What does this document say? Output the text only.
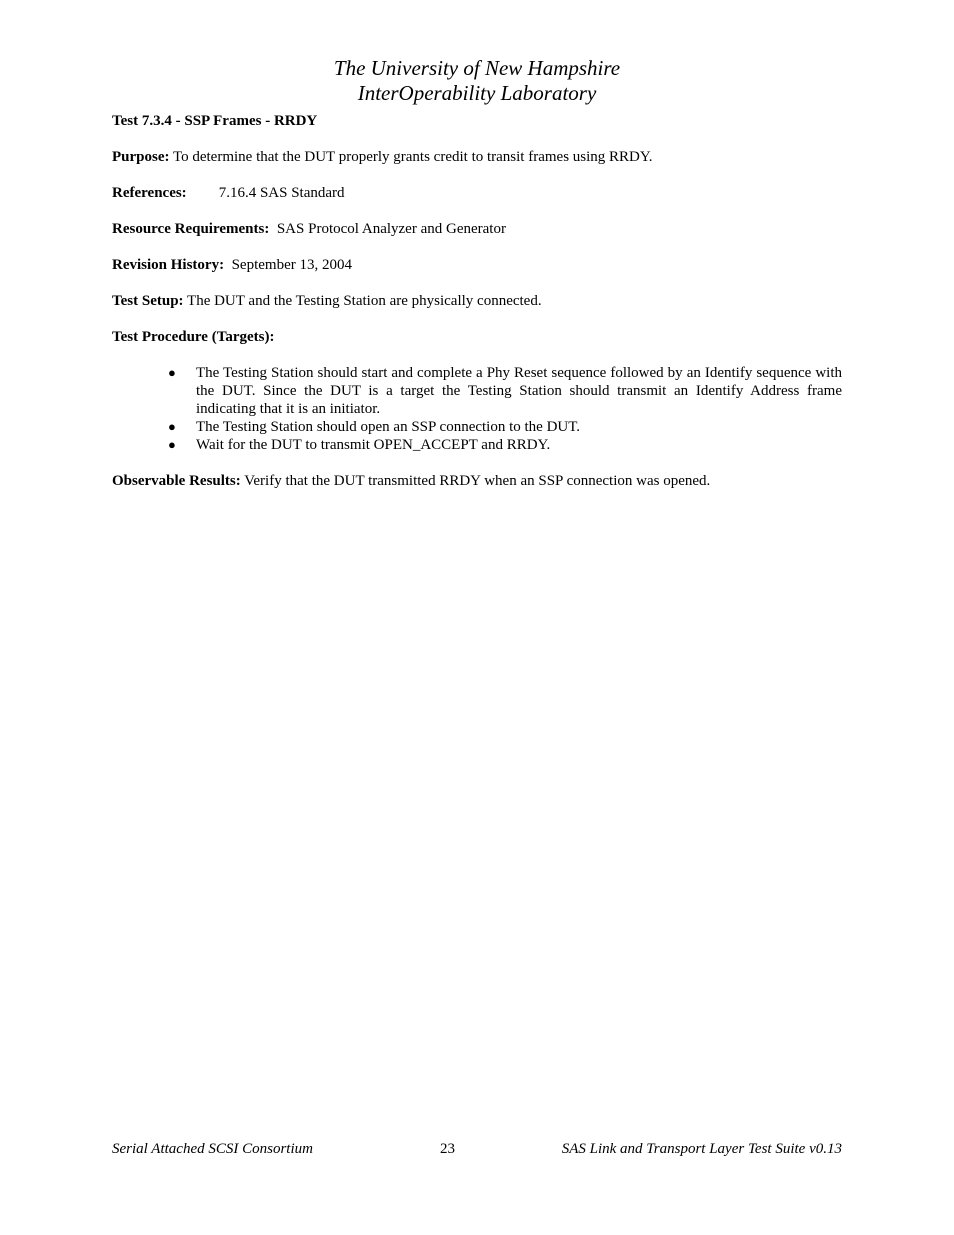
The University of New Hampshire
InterOperability Laboratory

Test 7.3.4 - SSP Frames - RRDY

Purpose: To determine that the DUT properly grants credit to transit frames using RRDY.

References: 7.16.4 SAS Standard

Resource Requirements: SAS Protocol Analyzer and Generator

Revision History: September 13, 2004

Test Setup: The DUT and the Testing Station are physically connected.

Test Procedure (Targets):

● The Testing Station should start and complete a Phy Reset sequence followed by an Identify sequence with the DUT. Since the DUT is a target the Testing Station should transmit an Identify Address frame indicating that it is an initiator.
● The Testing Station should open an SSP connection to the DUT.
● Wait for the DUT to transmit OPEN_ACCEPT and RRDY.

Observable Results: Verify that the DUT transmitted RRDY when an SSP connection was opened.

Serial Attached SCSI Consortium	23	SAS Link and Transport Layer Test Suite v0.13
